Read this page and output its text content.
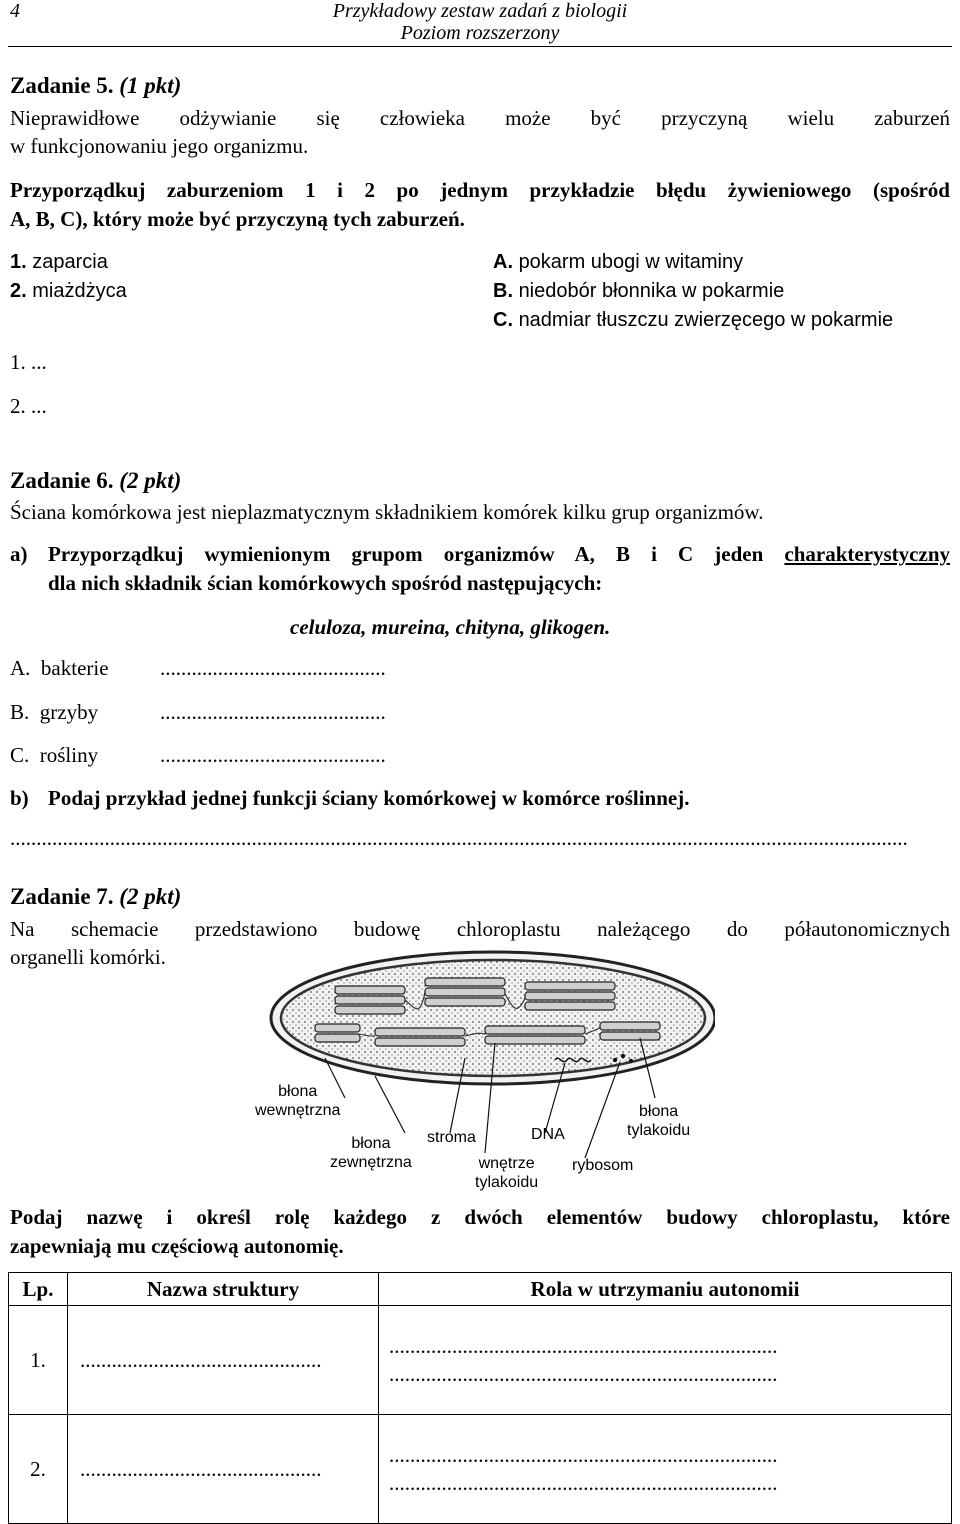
4	Przykładowy zestaw zadań z biologii
Poziom rozszerzony
Zadanie 5. (1 pkt)
Nieprawidłowe odżywianie się człowieka może być przyczyną wielu zaburzeń
w funkcjonowaniu jego organizmu.
Przyporządkuj zaburzeniom 1 i 2 po jednym przykładzie błędu żywieniowego (spośród
A, B, C), który może być przyczyną tych zaburzeń.
1. zaparcia
2. miażdżyca
A. pokarm ubogi w witaminy
B. niedobór błonnika w pokarmie
C. nadmiar tłuszczu zwierzęcego w pokarmie
1. ...
2. ...
Zadanie 6. (2 pkt)
Ściana komórkowa jest nieplazmatycznym składnikiem komórek kilku grup organizmów.
a) Przyporządkuj wymienionym grupom organizmów A, B i C jeden charakterystyczny
dla nich składnik ścian komórkowych spośród następujących:
celuloza, mureina, chityna, glikogen.
A. bakterie ...........................................
B. grzyby	...........................................
C. rośliny	...........................................
b) Podaj przykład jednej funkcji ściany komórkowej w komórce roślinnej.
...........................................................................................................................................................................
Zadanie 7. (2 pkt)
Na schemacie przedstawiono budowę chloroplastu należącego do półautonomicznych
organelli komórki.
błona
wewnętrzna
błona
zewnętrzna
stroma	DNA
wnętrze
tylakoidu
rybosom
błona
tylakoidu
Podaj nazwę i określ rolę każdego z dwóch elementów budowy chloroplastu, które
zapewniają mu częściową autonomię.
Lp.	Nazwa struktury	Rola w utrzymaniu autonomii
1.	..............................................	..........................................................................
..........................................................................

2.	..............................................	..........................................................................
..........................................................................
